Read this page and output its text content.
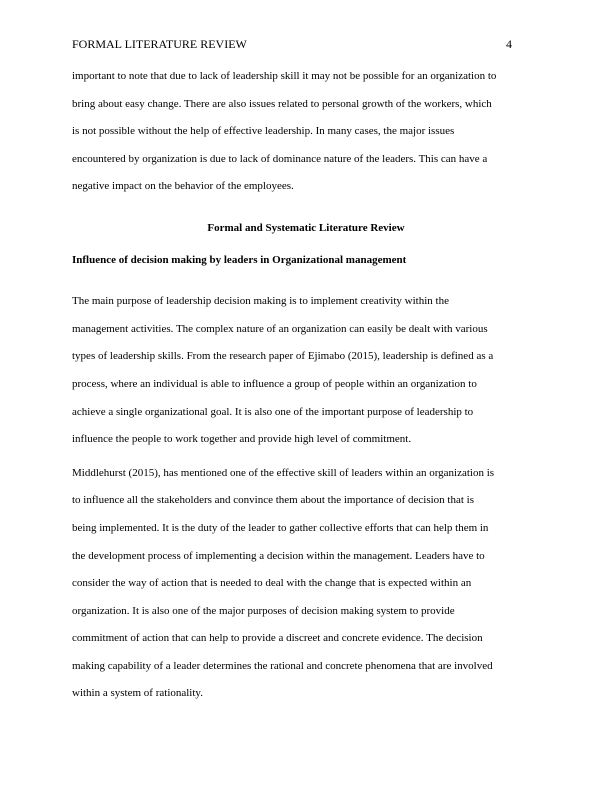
FORMAL LITERATURE REVIEW	4

important to note that due to lack of leadership skill it may not be possible for an organization to

bring about easy change. There are also issues related to personal growth of the workers, which

is not possible without the help of effective leadership. In many cases, the major issues

encountered by organization is due to lack of dominance nature of the leaders. This can have a

negative impact on the behavior of the employees.

Formal and Systematic Literature Review

Influence of decision making by leaders in Organizational management

The main purpose of leadership decision making is to implement creativity within the

management activities. The complex nature of an organization can easily be dealt with various

types of leadership skills. From the research paper of Ejimabo (2015), leadership is defined as a

process, where an individual is able to influence a group of people within an organization to

achieve a single organizational goal. It is also one of the important purpose of leadership to

influence the people to work together and provide high level of commitment.

Middlehurst (2015), has mentioned one of the effective skill of leaders within an organization is

to influence all the stakeholders and convince them about the importance of decision that is

being implemented. It is the duty of the leader to gather collective efforts that can help them in

the development process of implementing a decision within the management. Leaders have to

consider the way of action that is needed to deal with the change that is expected within an

organization. It is also one of the major purposes of decision making system to provide

commitment of action that can help to provide a discreet and concrete evidence. The decision

making capability of a leader determines the rational and concrete phenomena that are involved

within a system of rationality.
